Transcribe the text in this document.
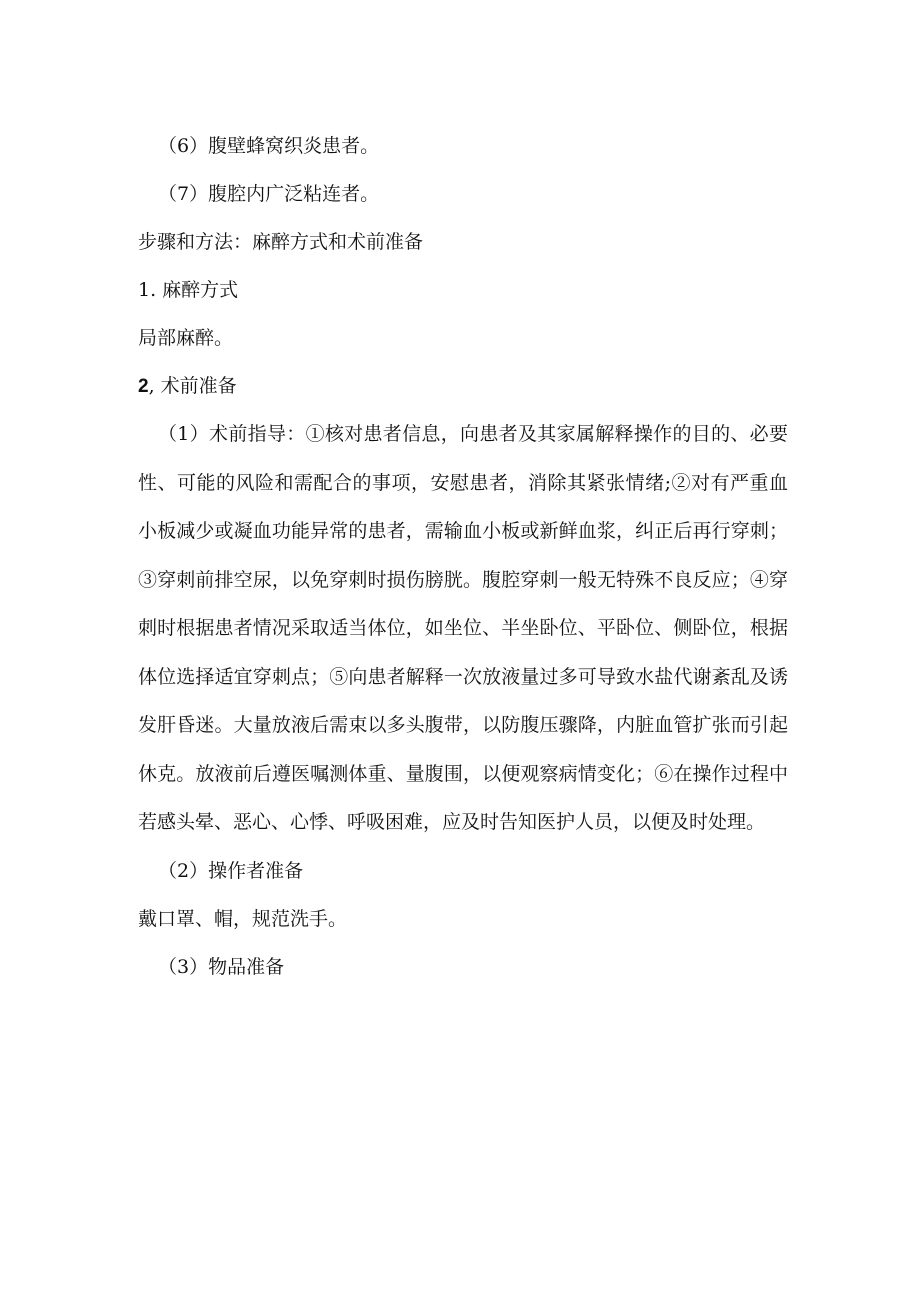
（6）腹壁蜂窝织炎患者。
（7）腹腔内广泛粘连者。
步骤和方法：麻醉方式和术前准备
1. 麻醉方式
局部麻醉。
2, 术前准备

（1）术前指导：①核对患者信息，向患者及其家属解释操作的目的、必要性、可能的风险和需配合的事项，安慰患者，消除其紧张情绪;②对有严重血小板减少或凝血功能异常的患者，需输血小板或新鲜血浆，纠正后再行穿刺；③穿刺前排空尿，以免穿刺时损伤膀胱。腹腔穿刺一般无特殊不良反应；④穿刺时根据患者情况采取适当体位，如坐位、半坐卧位、平卧位、侧卧位，根据体位选择适宜穿刺点；⑤向患者解释一次放液量过多可导致水盐代谢紊乱及诱发肝昏迷。大量放液后需束以多头腹带，以防腹压骤降，内脏血管扩张而引起休克。放液前后遵医嘱测体重、量腹围，以便观察病情变化；⑥在操作过程中若感头晕、恶心、心悸、呼吸困难，应及时告知医护人员，以便及时处理。

（2）操作者准备
戴口罩、帽，规范洗手。
（3）物品准备
